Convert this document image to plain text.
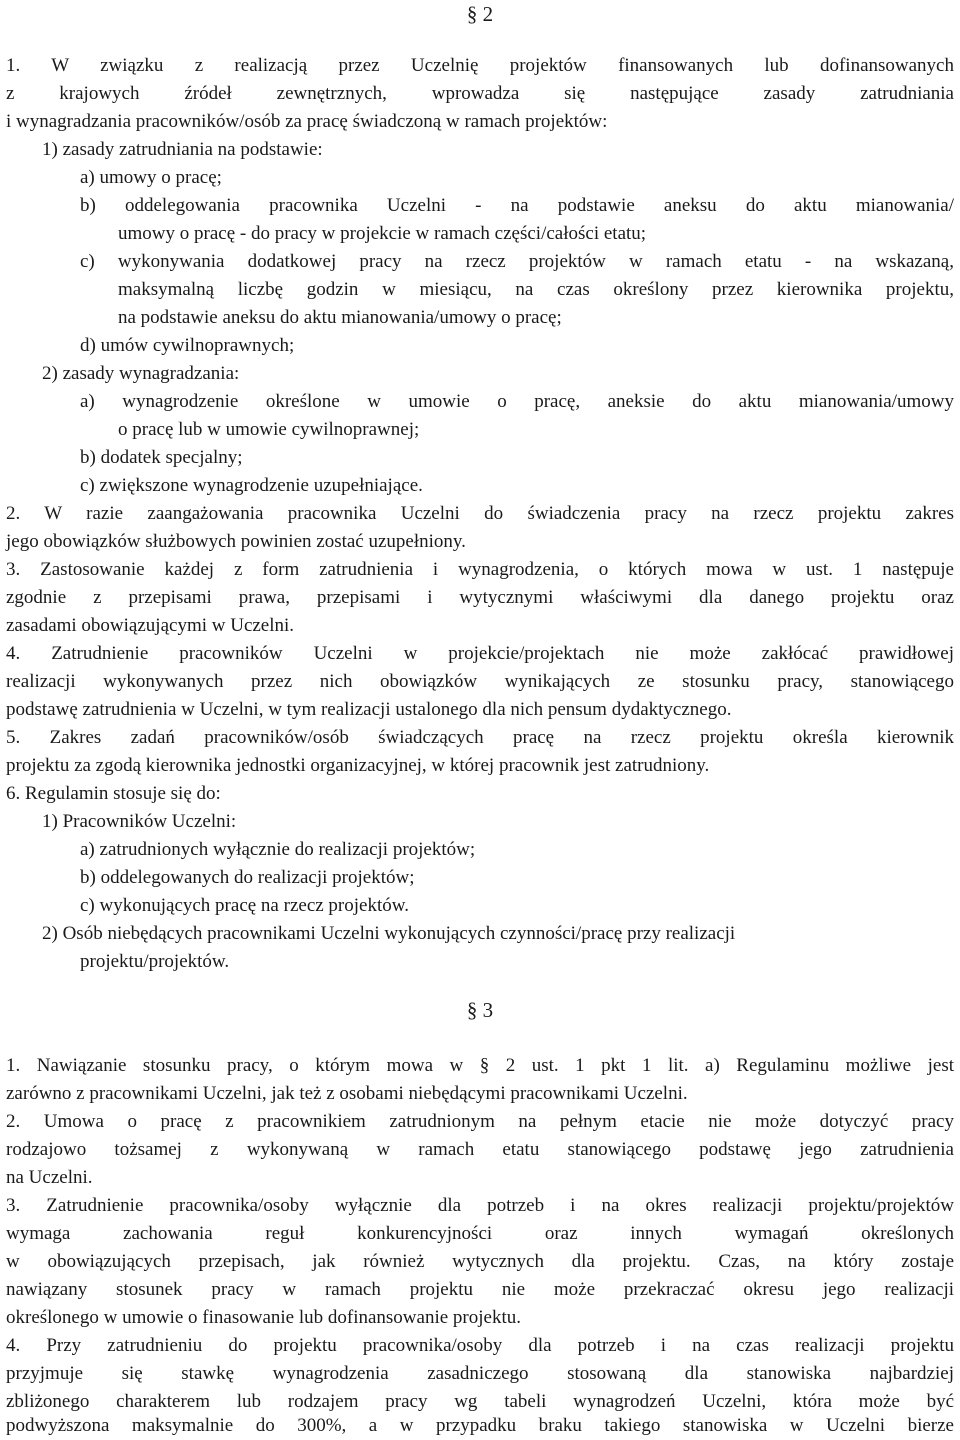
§ 2
1. W związku z realizacją przez Uczelnię projektów finansowanych lub dofinansowanych
z krajowych źródeł zewnętrznych, wprowadza się następujące zasady zatrudniania
i wynagradzania pracowników/osób za pracę świadczoną w ramach projektów:
1) zasady zatrudniania na podstawie:
a) umowy o pracę;
b) oddelegowania pracownika Uczelni - na podstawie aneksu do aktu mianowania/
umowy o pracę - do pracy w projekcie w ramach części/całości etatu;
c) wykonywania dodatkowej pracy na rzecz projektów w ramach etatu - na wskazaną,
maksymalną liczbę godzin w miesiącu, na czas określony przez kierownika projektu,
na podstawie aneksu do aktu mianowania/umowy o pracę;
d) umów cywilnoprawnych;
2) zasady wynagradzania:
a) wynagrodzenie określone w umowie o pracę, aneksie do aktu mianowania/umowy
o pracę lub w umowie cywilnoprawnej;
b) dodatek specjalny;
c) zwiększone wynagrodzenie uzupełniające.
2. W razie zaangażowania pracownika Uczelni do świadczenia pracy na rzecz projektu zakres
jego obowiązków służbowych powinien zostać uzupełniony.
3. Zastosowanie każdej z form zatrudnienia i wynagrodzenia, o których mowa w ust. 1 następuje
zgodnie z przepisami prawa, przepisami i wytycznymi właściwymi dla danego projektu oraz
zasadami obowiązującymi w Uczelni.
4. Zatrudnienie pracowników Uczelni w projekcie/projektach nie może zakłócać prawidłowej
realizacji wykonywanych przez nich obowiązków wynikających ze stosunku pracy, stanowiącego
podstawę zatrudnienia w Uczelni, w tym realizacji ustalonego dla nich pensum dydaktycznego.
5. Zakres zadań pracowników/osób świadczących pracę na rzecz projektu określa kierownik
projektu za zgodą kierownika jednostki organizacyjnej, w której pracownik jest zatrudniony.
6. Regulamin stosuje się do:
1) Pracowników Uczelni:
a) zatrudnionych wyłącznie do realizacji projektów;
b) oddelegowanych do realizacji projektów;
c) wykonujących pracę na rzecz projektów.
2) Osób niebędących pracownikami Uczelni wykonujących czynności/pracę przy realizacji
projektu/projektów.
§ 3
1. Nawiązanie stosunku pracy, o którym mowa w § 2 ust. 1 pkt 1 lit. a) Regulaminu możliwe jest
zarówno z pracownikami Uczelni, jak też z osobami niebędącymi pracownikami Uczelni.
2. Umowa o pracę z pracownikiem zatrudnionym na pełnym etacie nie może dotyczyć pracy
rodzajowo tożsamej z wykonywaną w ramach etatu stanowiącego podstawę jego zatrudnienia
na Uczelni.
3. Zatrudnienie pracownika/osoby wyłącznie dla potrzeb i na okres realizacji projektu/projektów
wymaga zachowania reguł konkurencyjności oraz innych wymagań określonych
w obowiązujących przepisach, jak również wytycznych dla projektu. Czas, na który zostaje
nawiązany stosunek pracy w ramach projektu nie może przekraczać okresu jego realizacji
określonego w umowie o finasowanie lub dofinansowanie projektu.
4. Przy zatrudnieniu do projektu pracownika/osoby dla potrzeb i na czas realizacji projektu
przyjmuje się stawkę wynagrodzenia zasadniczego stosowaną dla stanowiska najbardziej
zbliżonego charakterem lub rodzajem pracy wg tabeli wynagrodzeń Uczelni, która może być
podwyższona maksymalnie do 300%, a w przypadku braku takiego stanowiska w Uczelni bierze
